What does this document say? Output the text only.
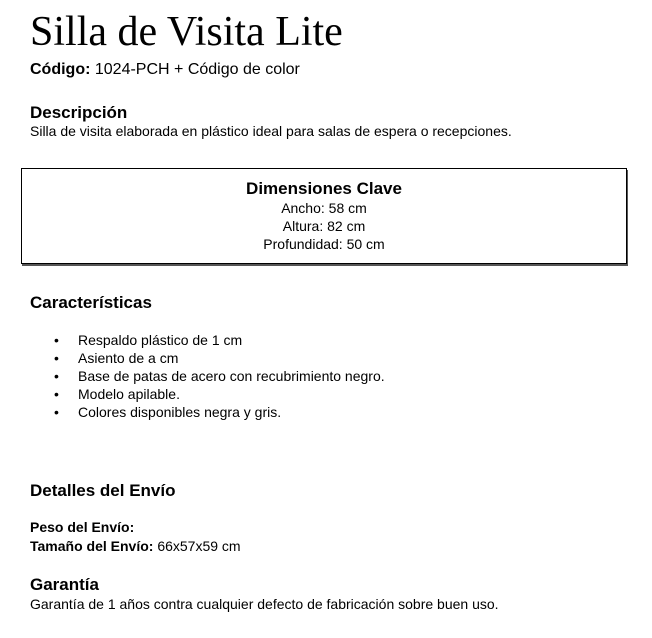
Silla de Visita Lite
Código: 1024-PCH + Código de color
Descripción
Silla de visita elaborada en plástico ideal para salas de espera o recepciones.
Dimensiones Clave
Ancho: 58 cm
Altura: 82 cm
Profundidad: 50 cm
Características
• Respaldo plástico de 1 cm
• Asiento de a cm
• Base de patas de acero con recubrimiento negro.
• Modelo apilable.
• Colores disponibles negra y gris.
Detalles del Envío
Peso del Envío:
Tamaño del Envío: 66x57x59 cm
Garantía
Garantía de 1 años contra cualquier defecto de fabricación sobre buen uso.
